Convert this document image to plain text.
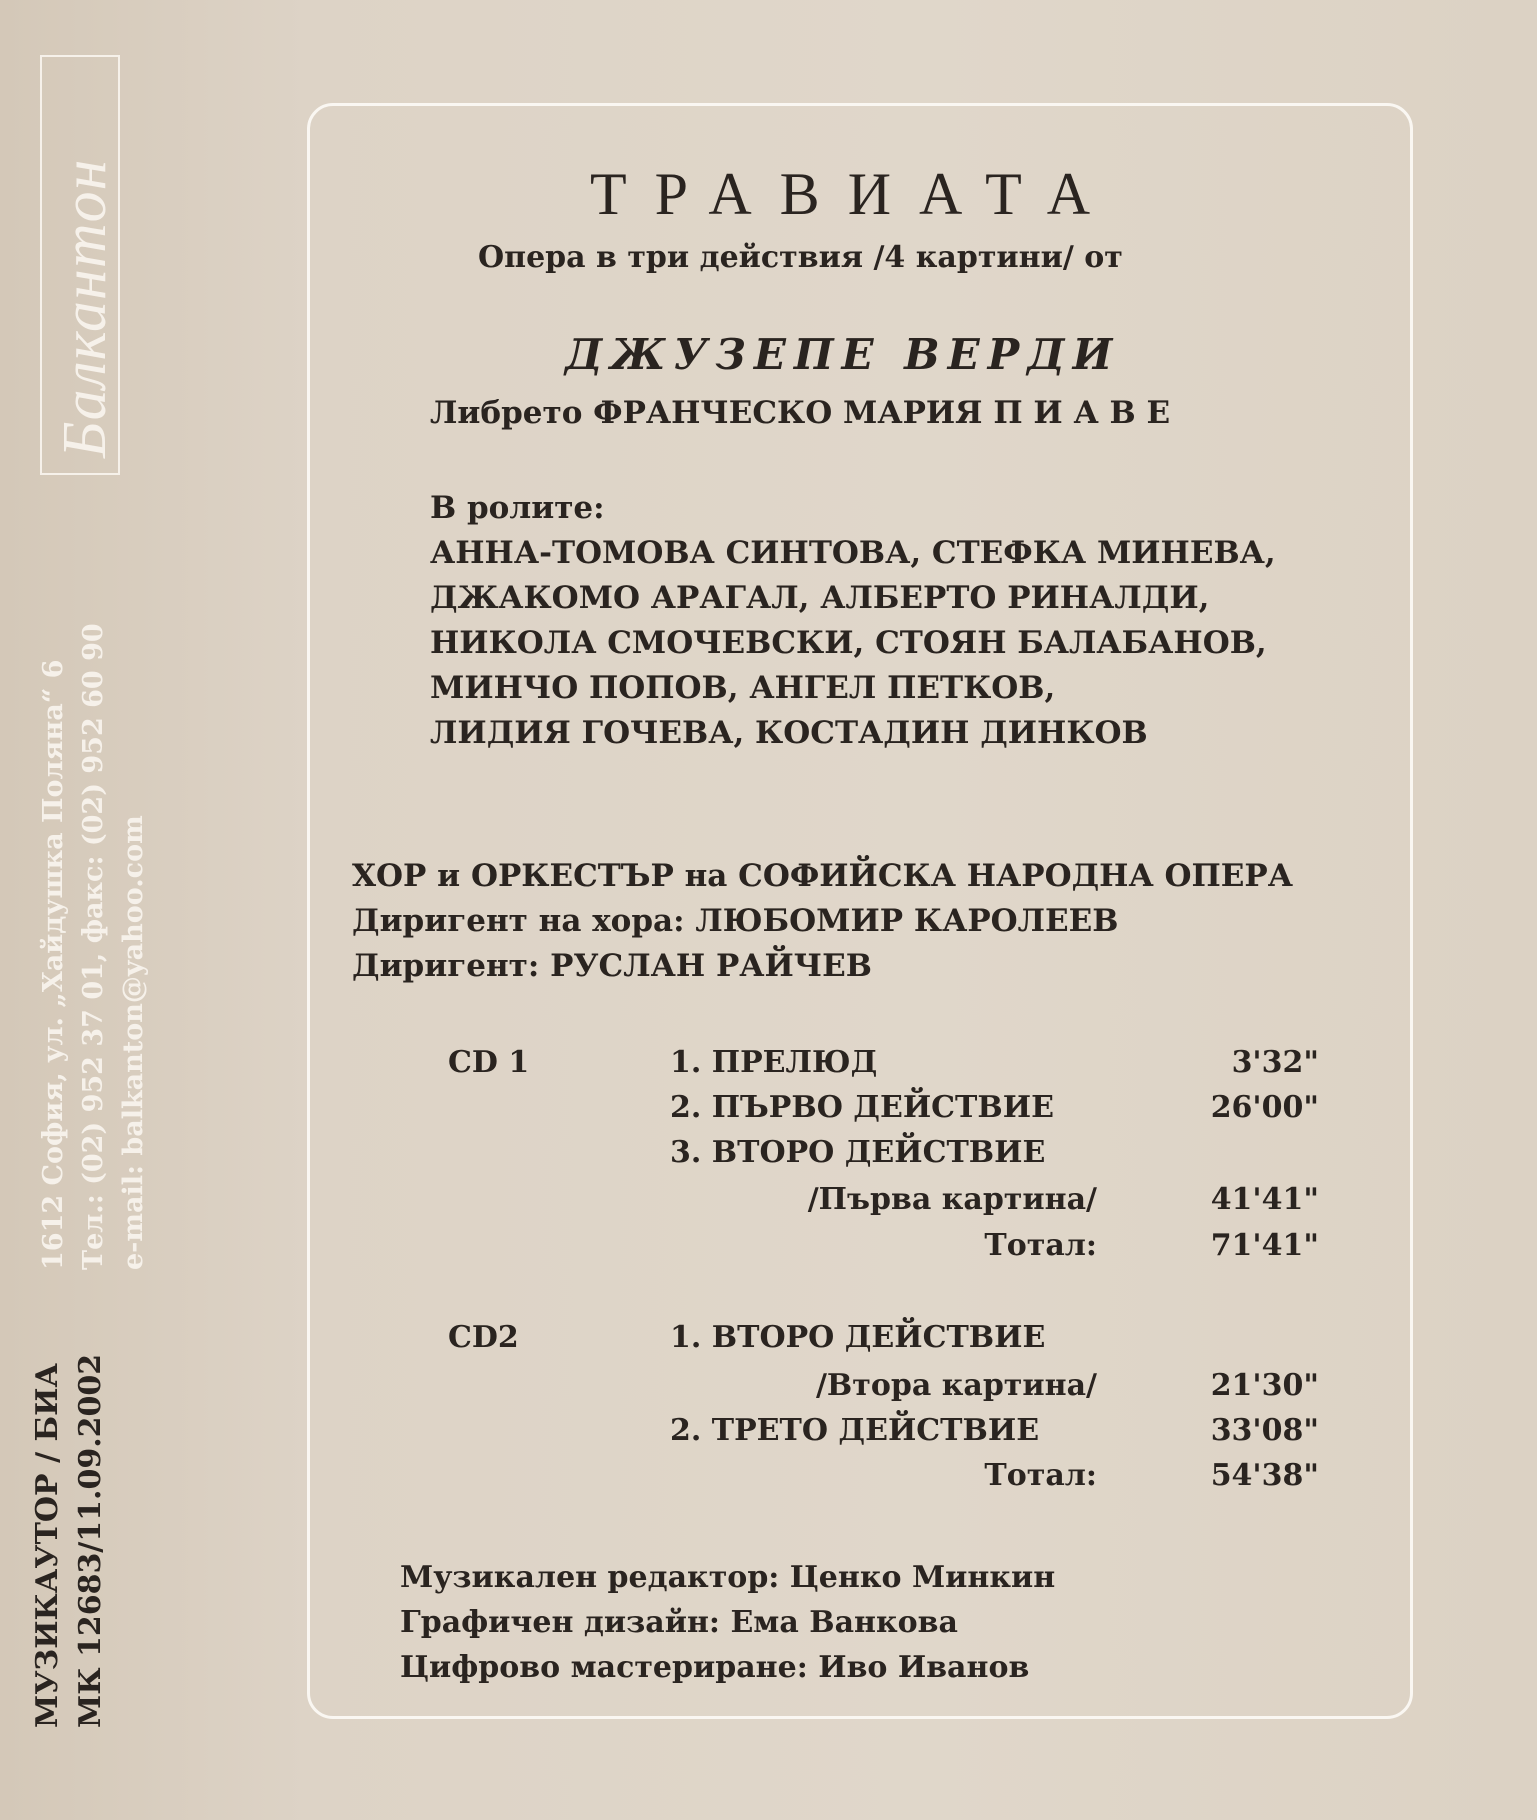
Балкантон
1612 София, ул. „Хайдушка Поляна“ 6 Тел.: (02) 952 37 01, факс: (02) 952 60 90 e-mail: balkanton@yahoo.com
МУЗИКАУТОР / БИА МК 12683/11.09.2002
ТРАВИАТА
Опера в три действия /4 картини/ от
ДЖУЗЕПЕ ВЕРДИ
Либрето ФРАНЧЕСКО МАРИЯ П И А В Е
В ролите:
АННА-ТОМОВА СИНТОВА, СТЕФКА МИНЕВА,
ДЖАКОМО АРАГАЛ, АЛБЕРТО РИНАЛДИ,
НИКОЛА СМОЧЕВСКИ, СТОЯН БАЛАБАНОВ,
МИНЧО ПОПОВ, АНГЕЛ ПЕТКОВ,
ЛИДИЯ ГОЧЕВА, КОСТАДИН ДИНКОВ
ХОР и ОРКЕСТЪР на СОФИЙСКА НАРОДНА ОПЕРА
Диригент на хора: ЛЮБОМИР КАРОЛЕЕВ
Диригент: РУСЛАН РАЙЧЕВ
CD 1	1. ПРЕЛЮД	3'32"
2. ПЪРВО ДЕЙСТВИЕ	26'00"
3. ВТОРО ДЕЙСТВИЕ
/Първа картина/	41'41"
Тотал:	71'41"
CD2	1. ВТОРО ДЕЙСТВИЕ
/Втора картина/	21'30"
2. ТРЕТО ДЕЙСТВИЕ	33'08"
Тотал:	54'38"
Музикален редактор: Ценко Минкин
Графичен дизайн: Ема Ванкова
Цифрово мастериране: Иво Иванов
